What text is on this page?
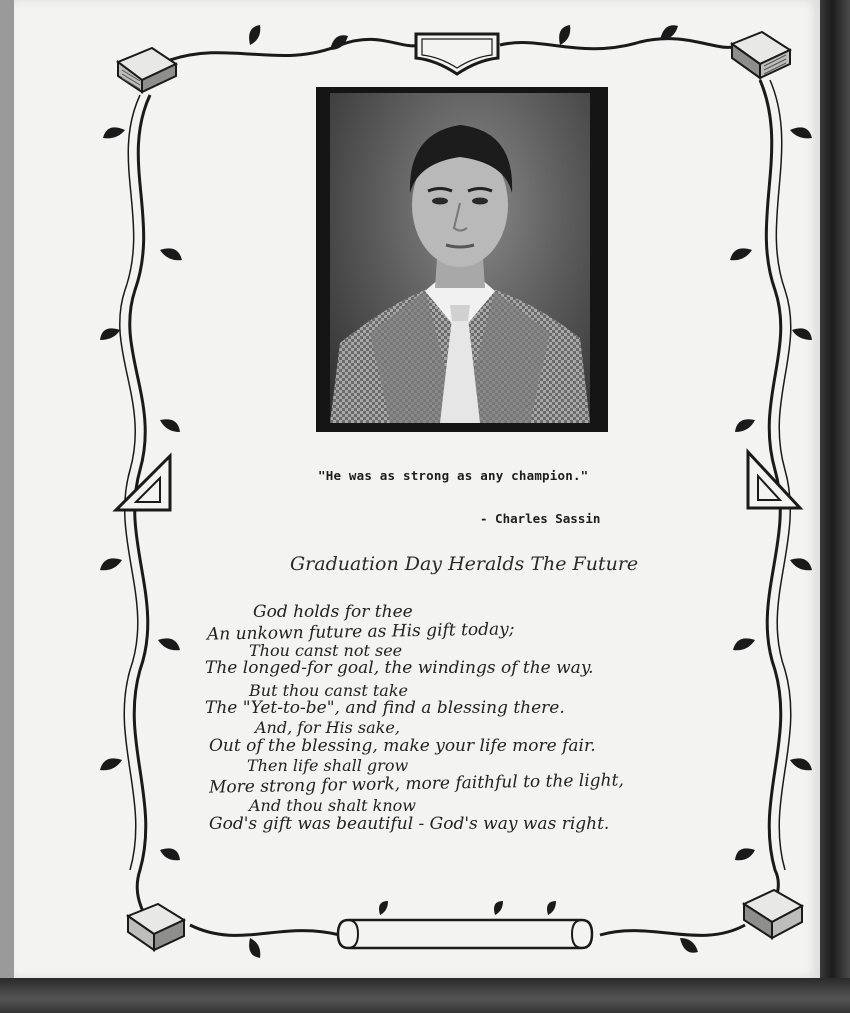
"He was as strong as any champion."
- Charles Sassin
Graduation Day Heralds The Future
God holds for thee
An unkown future as His gift today;
Thou canst not see
The longed-for goal, the windings of the way.
But thou canst take
The "Yet-to-be", and find a blessing there.
And, for His sake,
Out of the blessing, make your life more fair.
Then life shall grow
More strong for work, more faithful to the light,
And thou shalt know
God's gift was beautiful - God's way was right.
